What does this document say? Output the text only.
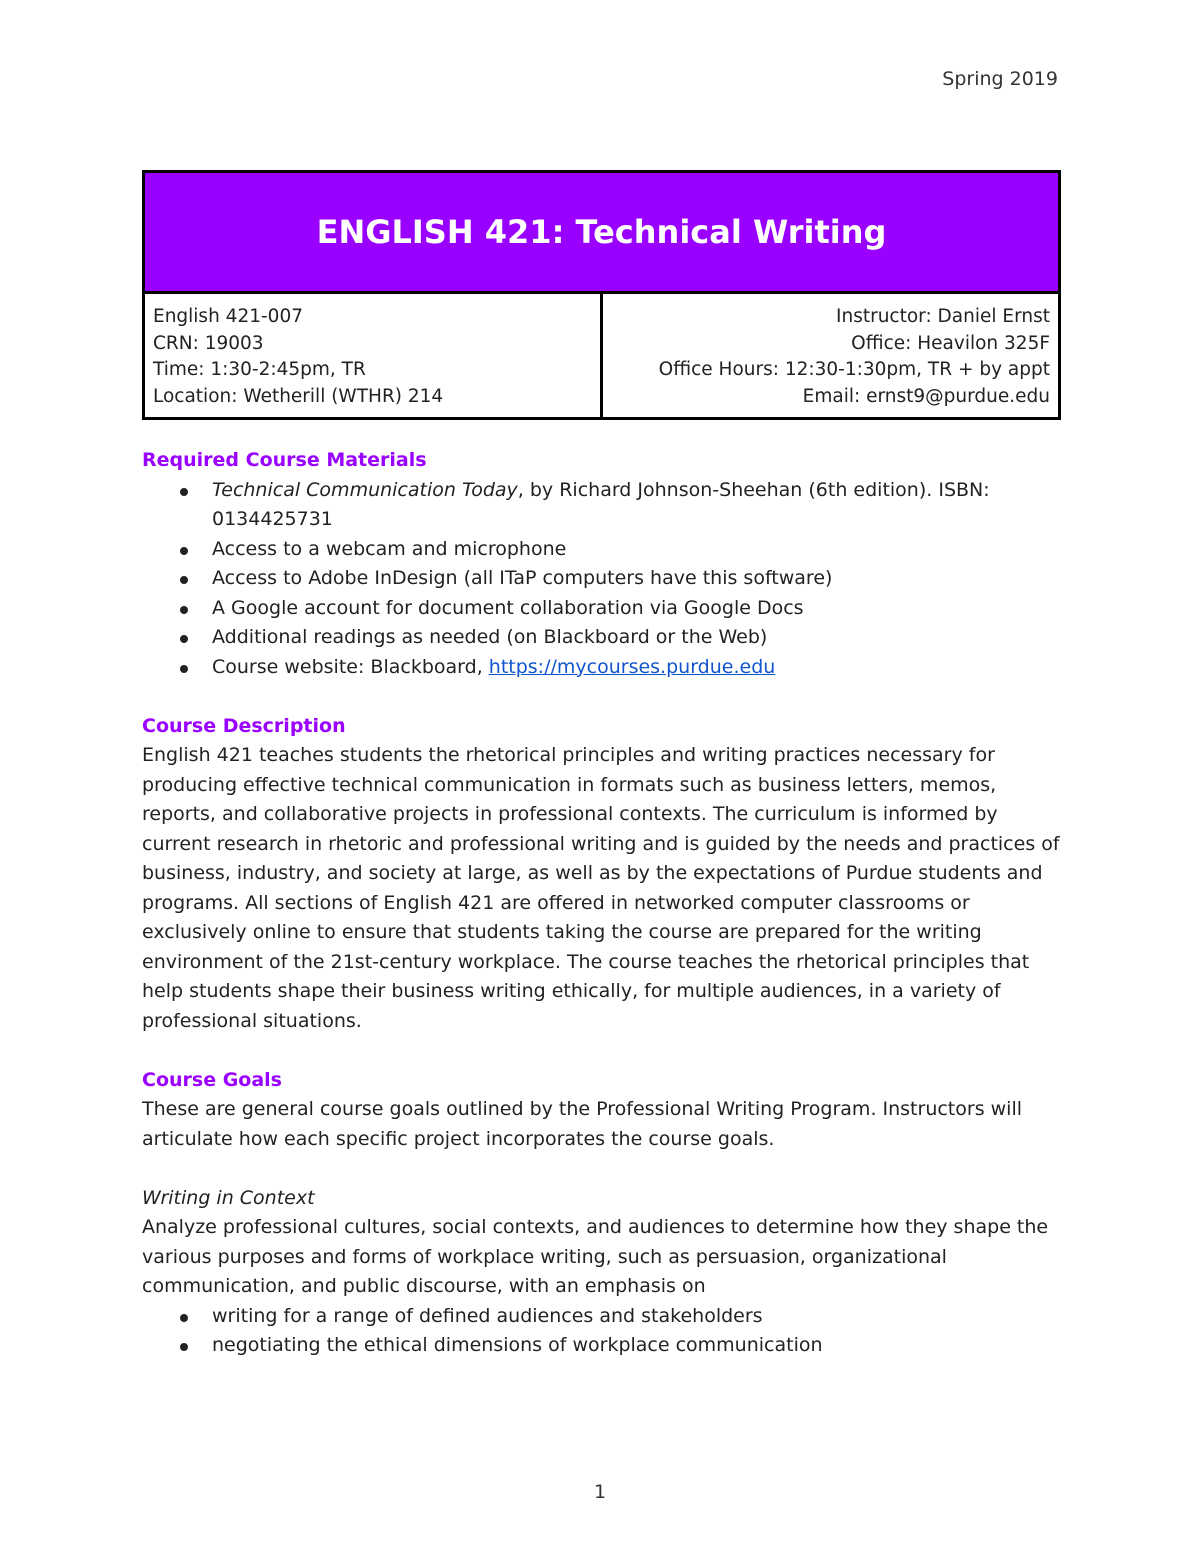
Spring 2019
ENGLISH 421: Technical Writing
English 421-007
CRN: 19003
Time: 1:30-2:45pm, TR
Location: Wetherill (WTHR) 214
Instructor: Daniel Ernst
Office: Heavilon 325F
Office Hours: 12:30-1:30pm, TR + by appt
Email: ernst9@purdue.edu
Required Course Materials
Technical Communication Today, by Richard Johnson-Sheehan (6th edition). ISBN: 0134425731
Access to a webcam and microphone
Access to Adobe InDesign (all ITaP computers have this software)
A Google account for document collaboration via Google Docs
Additional readings as needed (on Blackboard or the Web)
Course website: Blackboard, https://mycourses.purdue.edu
Course Description

English 421 teaches students the rhetorical principles and writing practices necessary for producing effective technical communication in formats such as business letters, memos, reports, and collaborative projects in professional contexts. The curriculum is informed by current research in rhetoric and professional writing and is guided by the needs and practices of business, industry, and society at large, as well as by the expectations of Purdue students and programs. All sections of English 421 are offered in networked computer classrooms or exclusively online to ensure that students taking the course are prepared for the writing environment of the 21st-century workplace. The course teaches the rhetorical principles that help students shape their business writing ethically, for multiple audiences, in a variety of professional situations.

Course Goals

These are general course goals outlined by the Professional Writing Program. Instructors will articulate how each specific project incorporates the course goals.

Writing in Context

Analyze professional cultures, social contexts, and audiences to determine how they shape the various purposes and forms of workplace writing, such as persuasion, organizational communication, and public discourse, with an emphasis on

writing for a range of defined audiences and stakeholders
negotiating the ethical dimensions of workplace communication
1
